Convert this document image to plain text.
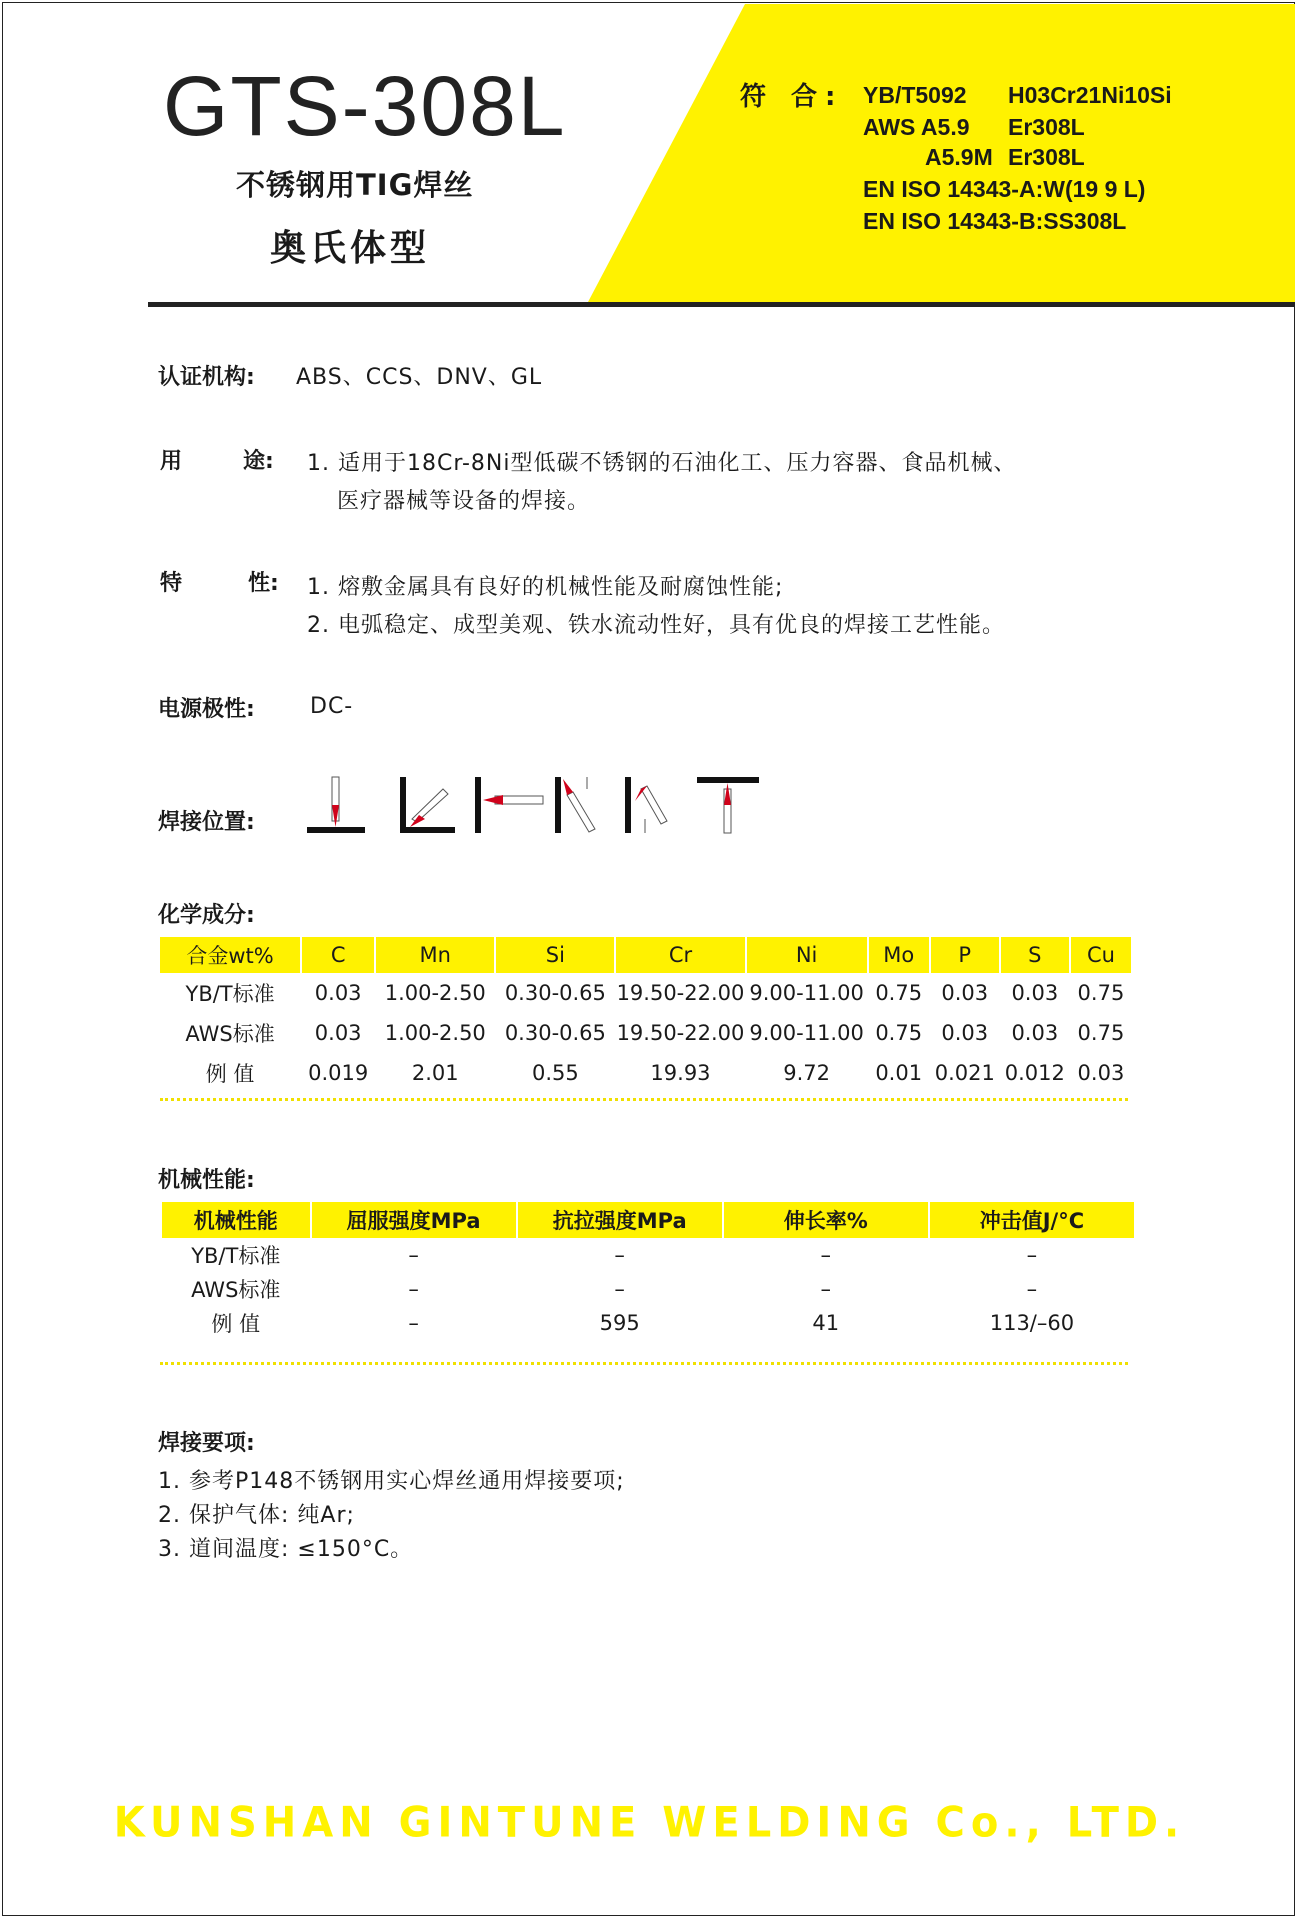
GTS-308L
不锈钢用TIG焊丝
奥氏体型
符 合: YB/T5092 H03Cr21Ni10Si
AWS A5.9 Er308L
A5.9M Er308L
EN ISO 14343-A:W(19 9 L)
EN ISO 14343-B:SS308L
认证机构: ABS、CCS、DNV、GL
用	途: 1. 适用于18Cr-8Ni型低碳不锈钢的石油化工、压力容器、食品机械、
医疗器械等设备的焊接。
特	性: 1. 熔敷金属具有良好的机械性能及耐腐蚀性能;
2. 电弧稳定、成型美观、铁水流动性好，具有优良的焊接工艺性能。
电源极性:	DC-
焊接位置:
化学成分:
合金wt%	C	Mn	Si	Cr	Ni	Mo	P	S	Cu
YB/T标准	0.03	1.00-2.50	0.30-0.65	19.50-22.00	9.00-11.00	0.75	0.03	0.03	0.75
AWS标准	0.03	1.00-2.50	0.30-0.65	19.50-22.00	9.00-11.00	0.75	0.03	0.03	0.75
例 值	0.019	2.01	0.55	19.93	9.72	0.01	0.021	0.012	0.03
机械性能:
机械性能	屈服强度MPa	抗拉强度MPa	伸长率%	冲击值J/°C
YB/T标准	–	–	–	–
AWS标准	–	–	–	–
例 值	–	595	41	113/–60
焊接要项:
1. 参考P148不锈钢用实心焊丝通用焊接要项;
2. 保护气体: 纯Ar;
3. 道间温度: ≤150°C。
KUNSHAN GINTUNE WELDING Co., LTD.
